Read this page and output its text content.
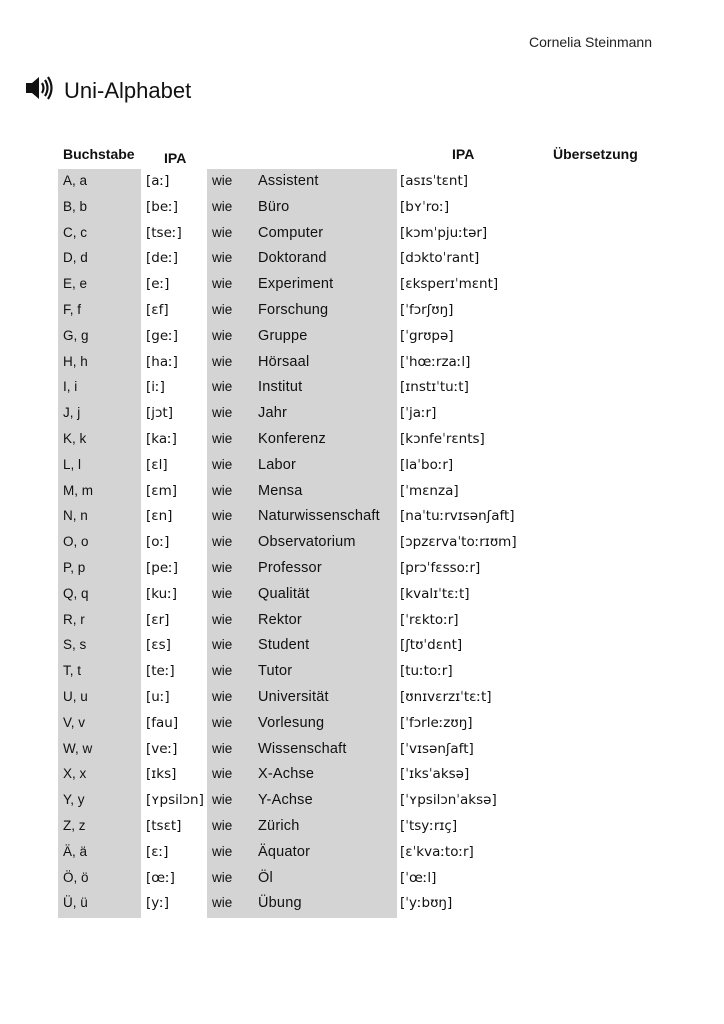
Cornelia Steinmann
Uni-Alphabet
Buchstabe IPA	IPA	Übersetzung
A, a	[aː]	wie Assistent	[asɪsˈtɛnt]
B, b	[beː]	wie Büro	[bʏˈroː]
C, c	[tseː] wie Computer	[kɔmˈpjuːtər]
D, d	[deː]	wie Doktorand	[dɔktoˈrant]
E, e	[eː]	wie Experiment	[ɛksperɪˈmɛnt]
F, f	[ɛf]	wie Forschung	[ˈfɔrʃʊŋ]
G, g	[geː]	wie Gruppe	[ˈgrʊpə]
H, h	[haː]	wie Hörsaal	[ˈhœːrzaːl]
I, i	[iː]	wie Institut	[ɪnstɪˈtuːt]
J, j	[jɔt]	wie Jahr	[ˈjaːr]
K, k	[kaː]	wie Konferenz	[kɔnfeˈrɛnts]
L, l	[ɛl]	wie Labor	[laˈboːr]
M, m	[ɛm]	wie Mensa	[ˈmɛnza]
N, n	[ɛn]	wie Naturwissenschaft [naˈtuːrvɪsənʃaft]
O, o	[oː]	wie Observatorium	[ɔpzɛrvaˈtoːrɪʊm]
P, p	[peː]	wie Professor	[prɔˈfɛssoːr]
Q, q	[kuː]	wie Qualität	[kvalɪˈtɛːt]
R, r	[ɛr]	wie Rektor	[ˈrɛktoːr]
S, s	[ɛs]	wie Student	[ʃtʊˈdɛnt]
T, t	[teː]	wie Tutor	[tuːtoːr]
U, u	[uː]	wie Universität	[ʊnɪvɛrzɪˈtɛːt]
V, v	[fau]	wie Vorlesung	[ˈfɔrleːzʊŋ]
W, w	[veː]	wie Wissenschaft	[ˈvɪsənʃaft]
X, x	[ɪks]	wie X-Achse	[ˈɪksˈaksə]
Y, y	[ʏpsilɔn] wie Y-Achse	[ˈʏpsilɔnˈaksə]
Z, z	[tsɛt] wie Zürich	[ˈtsyːrɪç]
Ä, ä	[ɛː]	wie Äquator	[ɛˈkvaːtoːr]
Ö, ö	[œː]	wie Öl	[ˈœːl]
Ü, ü	[yː]	wie Übung	[ˈyːbʊŋ]
